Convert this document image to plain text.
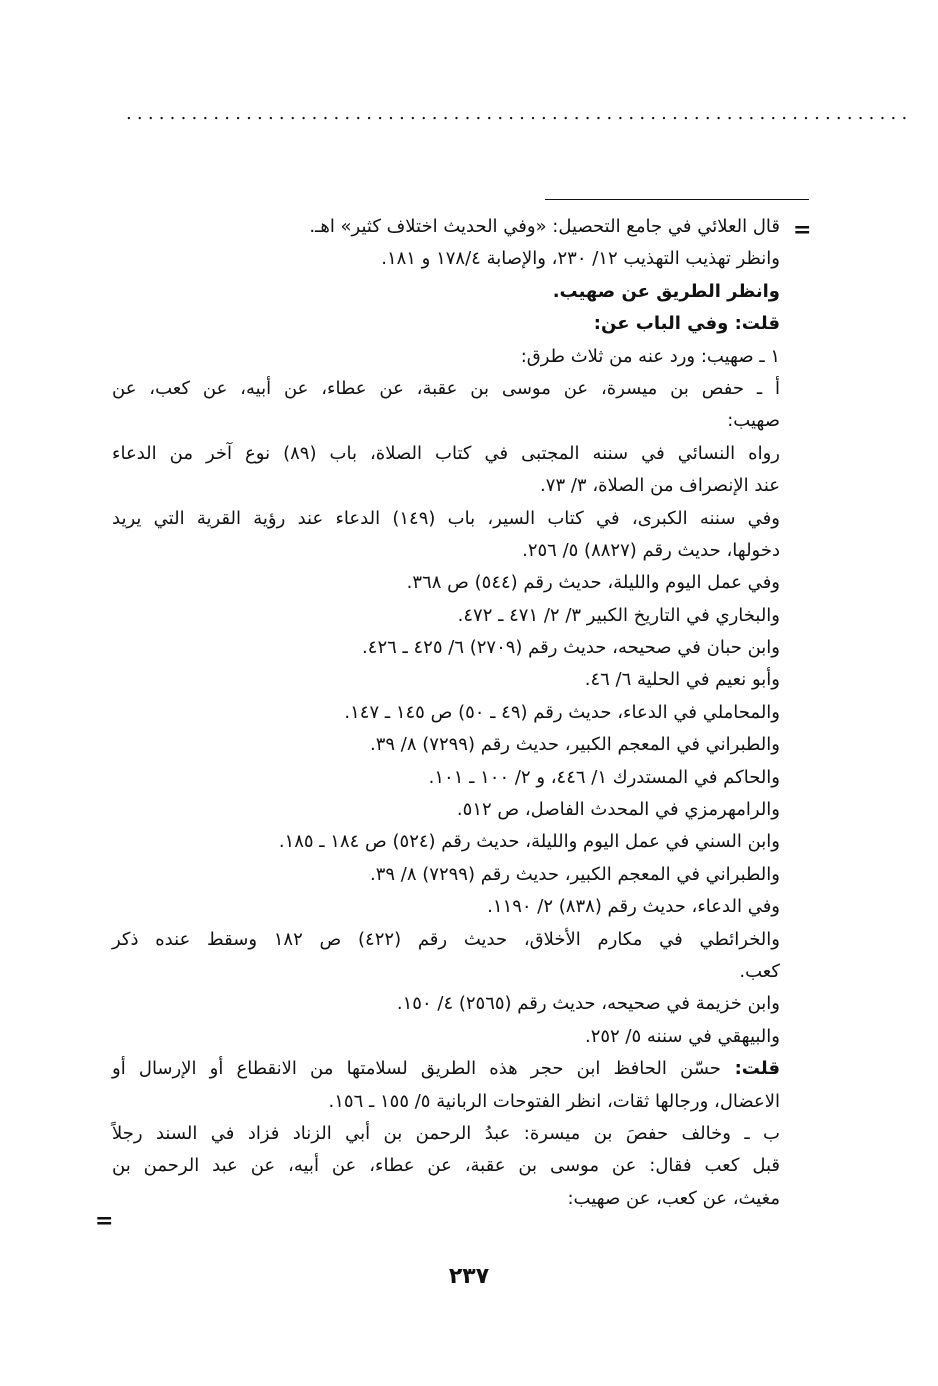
........................................................................
=
=
قال العلائي في جامع التحصيل: «وفي الحديث اختلاف كثير» اهـ.
وانظر تهذيب التهذيب ١٢/ ٢٣٠، والإصابة ١٧٨/٤ و ١٨١.
وانظر الطريق عن صهيب.
قلت: وفي الباب عن:
١ ـ صهيب: ورد عنه من ثلاث طرق:
أ ـ حفص بن ميسرة، عن موسى بن عقبة، عن عطاء، عن أبيه، عن كعب، عن
صهيب:
رواه النسائي في سننه المجتبى في كتاب الصلاة، باب (٨٩) نوع آخر من الدعاء
عند الإنصراف من الصلاة، ٣/ ٧٣.
وفي سننه الكبرى، في كتاب السير، باب (١٤٩) الدعاء عند رؤية القرية التي يريد
دخولها، حديث رقم (٨٨٢٧) ٥/ ٢٥٦.
وفي عمل اليوم والليلة، حديث رقم (٥٤٤) ص ٣٦٨.
والبخاري في التاريخ الكبير ٣/ ٢/ ٤٧١ ـ ٤٧٢.
وابن حبان في صحيحه، حديث رقم (٢٧٠٩) ٦/ ٤٢٥ ـ ٤٢٦.
وأبو نعيم في الحلية ٦/ ٤٦.
والمحاملي في الدعاء، حديث رقم (٤٩ ـ ٥٠) ص ١٤٥ ـ ١٤٧.
والطبراني في المعجم الكبير، حديث رقم (٧٢٩٩) ٨/ ٣٩.
والحاكم في المستدرك ١/ ٤٤٦، و ٢/ ١٠٠ ـ ١٠١.
والرامهرمزي في المحدث الفاصل، ص ٥١٢.
وابن السني في عمل اليوم والليلة، حديث رقم (٥٢٤) ص ١٨٤ ـ ١٨٥.
والطبراني في المعجم الكبير، حديث رقم (٧٢٩٩) ٨/ ٣٩.
وفي الدعاء، حديث رقم (٨٣٨) ٢/ ١١٩٠.
والخرائطي في مكارم الأخلاق، حديث رقم (٤٢٢) ص ١٨٢ وسقط عنده ذكر
كعب.
وابن خزيمة في صحيحه، حديث رقم (٢٥٦٥) ٤/ ١٥٠.
والبيهقي في سننه ٥/ ٢٥٢.
قلت: حسّن الحافظ ابن حجر هذه الطريق لسلامتها من الانقطاع أو الإرسال أو
الاعضال، ورجالها ثقات، انظر الفتوحات الربانية ٥/ ١٥٥ ـ ١٥٦.
ب ـ وخالف حفصَ بن ميسرة: عبدُ الرحمن بن أبي الزناد فزاد في السند رجلاً
قبل كعب فقال: عن موسى بن عقبة، عن عطاء، عن أبيه، عن عبد الرحمن بن
مغيث، عن كعب، عن صهيب:
٢٣٧
